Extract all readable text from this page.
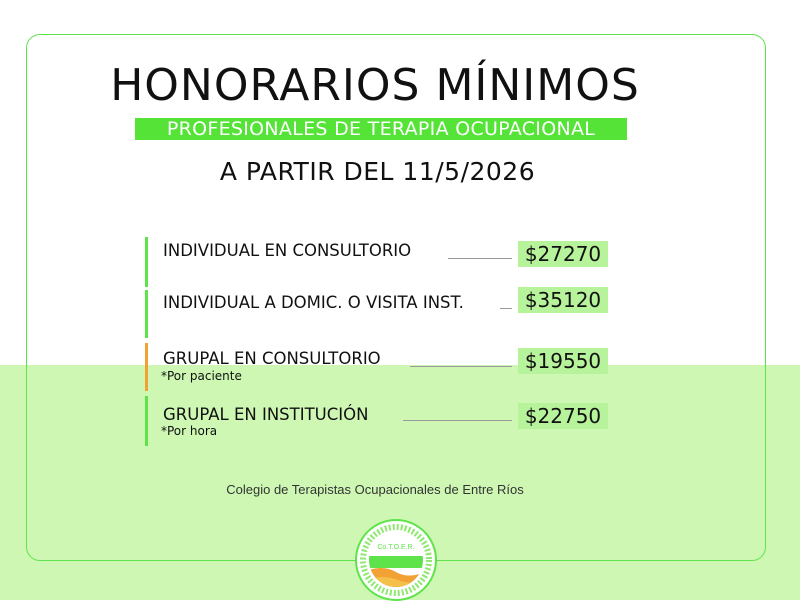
HONORARIOS MÍNIMOS
PROFESIONALES DE TERAPIA OCUPACIONAL
A PARTIR DEL 11/5/2026
INDIVIDUAL EN CONSULTORIO	$27270
INDIVIDUAL A DOMIC. O VISITA INST.	$35120
GRUPAL EN CONSULTORIO
*Por paciente
$19550
GRUPAL EN INSTITUCIÓN
*Por hora
$22750
Colegio de Terapistas Ocupacionales de Entre Ríos
Co.T.O.E.R.
